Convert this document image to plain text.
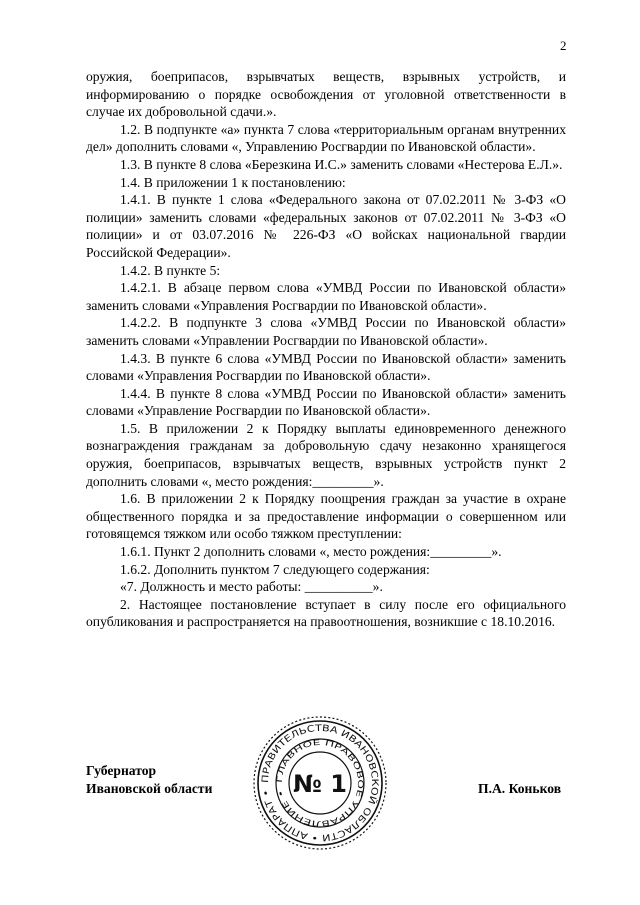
2

оружия, боеприпасов, взрывчатых веществ, взрывных устройств, и информированию о порядке освобождения от уголовной ответственности в случае их добровольной сдачи.».

1.2. В подпункте «а» пункта 7 слова «территориальным органам внутренних дел» дополнить словами «, Управлению Росгвардии по Ивановской области».

1.3. В пункте 8 слова «Березкина И.С.» заменить словами «Нестерова Е.Л.».

1.4. В приложении 1 к постановлению:

1.4.1. В пункте 1 слова «Федерального закона от 07.02.2011 № 3-ФЗ «О полиции» заменить словами «федеральных законов от 07.02.2011 № 3-ФЗ «О полиции» и от 03.07.2016 № 226-ФЗ «О войсках национальной гвардии Российской Федерации».

1.4.2. В пункте 5:

1.4.2.1. В абзаце первом слова «УМВД России по Ивановской области» заменить словами «Управления Росгвардии по Ивановской области».

1.4.2.2. В подпункте 3 слова «УМВД России по Ивановской области» заменить словами «Управлении Росгвардии по Ивановской области».

1.4.3. В пункте 6 слова «УМВД России по Ивановской области» заменить словами «Управления Росгвардии по Ивановской области».

1.4.4. В пункте 8 слова «УМВД России по Ивановской области» заменить словами «Управление Росгвардии по Ивановской области».

1.5. В приложении 2 к Порядку выплаты единовременного денежного вознаграждения гражданам за добровольную сдачу незаконно хранящегося оружия, боеприпасов, взрывчатых веществ, взрывных устройств пункт 2 дополнить словами «, место рождения:_________».

1.6. В приложении 2 к Порядку поощрения граждан за участие в охране общественного порядка и за предоставление информации о совершенном или готовящемся тяжком или особо тяжком преступлении:

1.6.1. Пункт 2 дополнить словами «, место рождения:_________».

1.6.2. Дополнить пунктом 7 следующего содержания:

«7. Должность и место работы: __________».

2. Настоящее постановление вступает в силу после его официального опубликования и распространяется на правоотношения, возникшие с 18.10.2016.

Губернатор
Ивановской области
ПРАВИТЕЛЬСТВА ИВАНОВСКОЙ ОБЛАСТИ • АППАРАТ •
ГЛАВНОЕ ПРАВОВОЕ УПРАВЛЕНИЕ • № 1	П.А. Коньков
